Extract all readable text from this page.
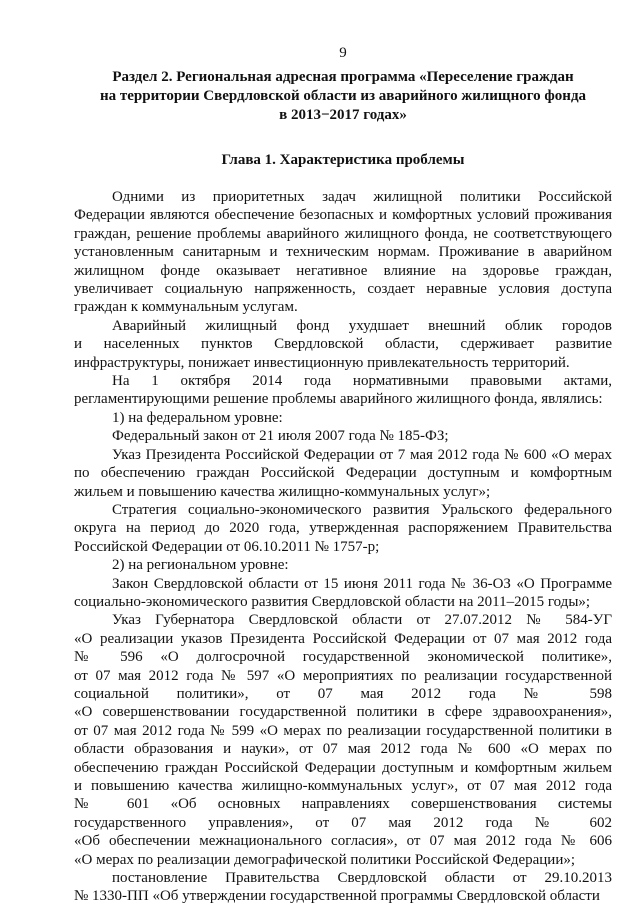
9
Раздел 2. Региональная адресная программа «Переселение граждан
на территории Свердловской области из аварийного жилищного фонда
в 2013−2017 годах»
Глава 1. Характеристика проблемы

Одними из приоритетных задач жилищной политики Российской
Федерации являются обеспечение безопасных и комфортных условий проживания
граждан, решение проблемы аварийного жилищного фонда, не соответствующего
установленным санитарным и техническим нормам. Проживание в аварийном
жилищном фонде оказывает негативное влияние на здоровье граждан,
увеличивает социальную напряженность, создает неравные условия доступа
граждан к коммунальным услугам.

Аварийный жилищный фонд ухудшает внешний облик городов
и населенных пунктов Свердловской области, сдерживает развитие
инфраструктуры, понижает инвестиционную привлекательность территорий.

На 1 октября 2014 года нормативными правовыми актами,
регламентирующими решение проблемы аварийного жилищного фонда, являлись:

1) на федеральном уровне:

Федеральный закон от 21 июля 2007 года № 185-ФЗ;

Указ Президента Российской Федерации от 7 мая 2012 года № 600 «О мерах
по обеспечению граждан Российской Федерации доступным и комфортным
жильем и повышению качества жилищно-коммунальных услуг»;

Стратегия социально-экономического развития Уральского федерального
округа на период до 2020 года, утвержденная распоряжением Правительства
Российской Федерации от 06.10.2011 № 1757-р;

2) на региональном уровне:

Закон Свердловской области от 15 июня 2011 года № 36-ОЗ «О Программе
социально-экономического развития Свердловской области на 2011–2015 годы»;

Указ Губернатора Свердловской области от 27.07.2012 № 584-УГ
«О реализации указов Президента Российской Федерации от 07 мая 2012 года
№ 596 «О долгосрочной государственной экономической политике»,
от 07 мая 2012 года № 597 «О мероприятиях по реализации государственной
социальной политики», от 07 мая 2012 года № 598
«О совершенствовании государственной политики в сфере здравоохранения»,
от 07 мая 2012 года № 599 «О мерах по реализации государственной политики в
области образования и науки», от 07 мая 2012 года № 600 «О мерах по
обеспечению граждан Российской Федерации доступным и комфортным жильем
и повышению качества жилищно-коммунальных услуг», от 07 мая 2012 года
№ 601 «Об основных направлениях совершенствования системы
государственного управления», от 07 мая 2012 года № 602
«Об обеспечении межнационального согласия», от 07 мая 2012 года № 606
«О мерах по реализации демографической политики Российской Федерации»;

постановление Правительства Свердловской области от 29.10.2013
№ 1330-ПП «Об утверждении государственной программы Свердловской области
